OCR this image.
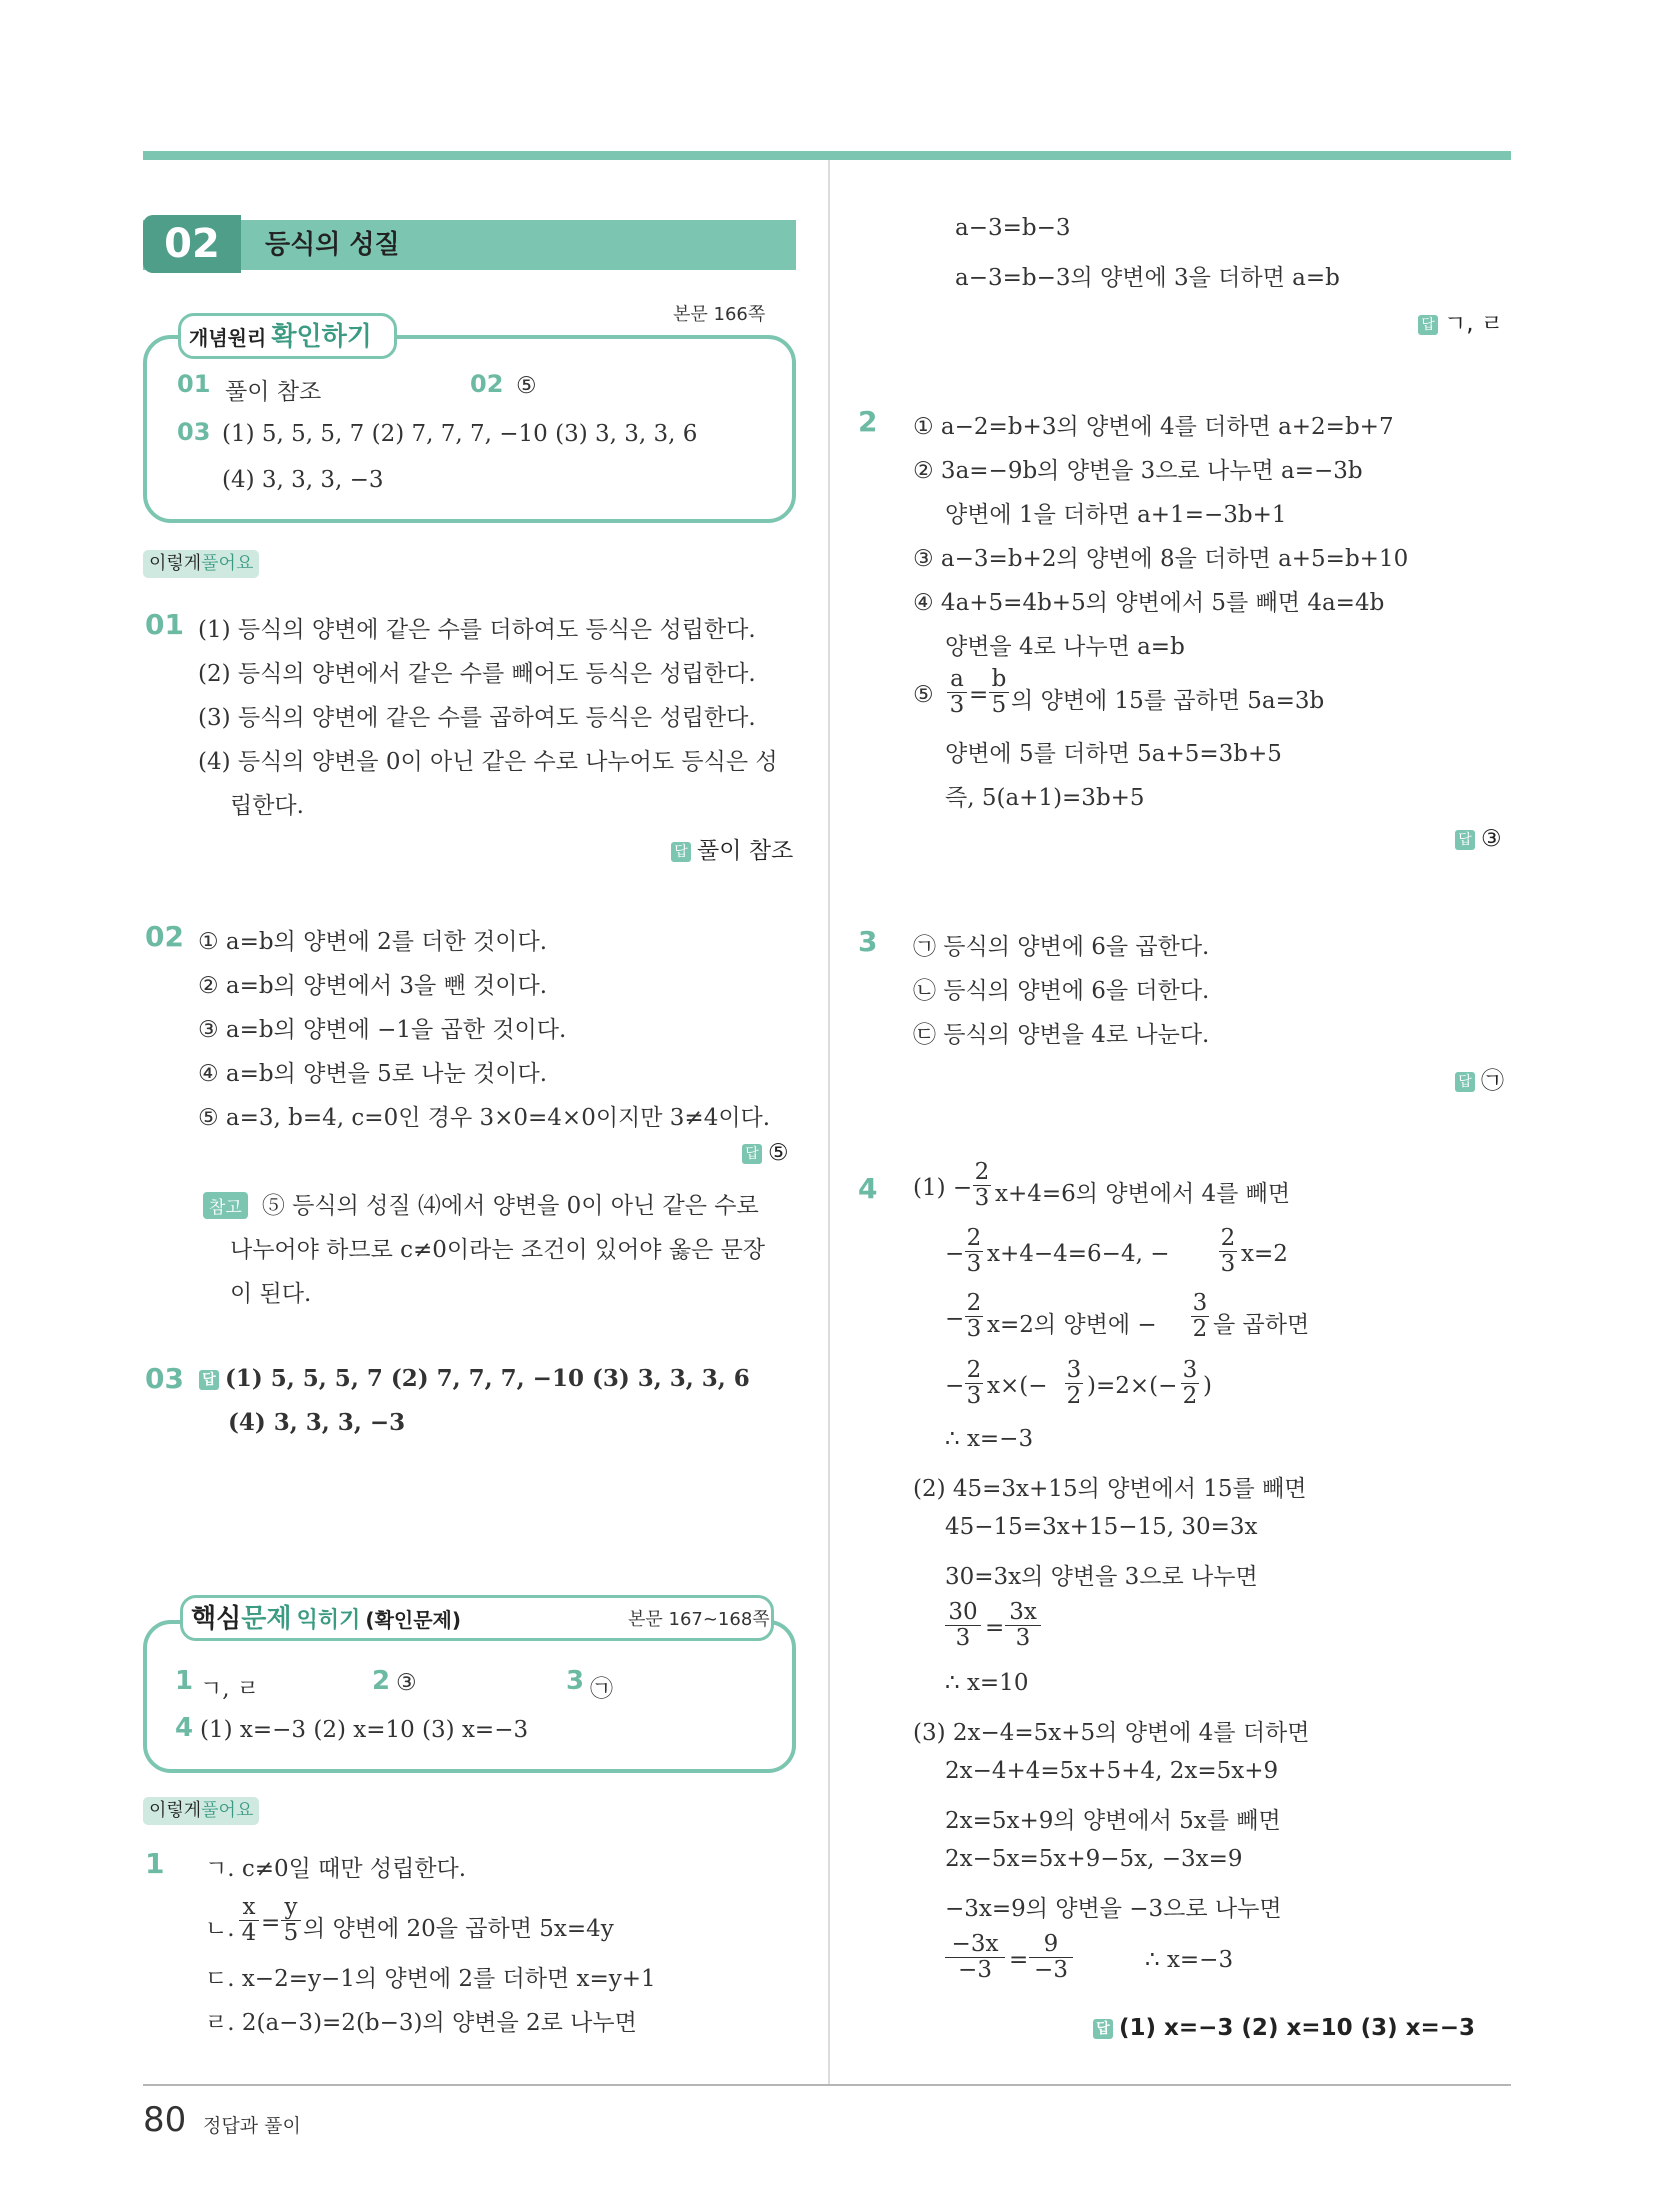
02	등식의 성질
개념원리 확인하기
본문 166쪽
01 풀이 참조	02 ⑤
03 (1) 5, 5, 5, 7 (2) 7, 7, 7, −10 (3) 3, 3, 3, 6
(4) 3, 3, 3, −3
이렇게풀어요
01 (1) 등식의 양변에 같은 수를 더하여도 등식은 성립한다.
(2) 등식의 양변에서 같은 수를 빼어도 등식은 성립한다.
(3) 등식의 양변에 같은 수를 곱하여도 등식은 성립한다.
(4) 등식의 양변을 0이 아닌 같은 수로 나누어도 등식은 성
립한다.
답 풀이 참조
02 ① a=b의 양변에 2를 더한 것이다.
② a=b의 양변에서 3을 뺀 것이다.
③ a=b의 양변에 −1을 곱한 것이다.
④ a=b의 양변을 5로 나눈 것이다.
⑤ a=3, b=4, c=0인 경우 3×0=4×0이지만 3≠4이다.
답 ⑤
참고 ⑤ 등식의 성질 ⑷에서 양변을 0이 아닌 같은 수로
나누어야 하므로 c≠0이라는 조건이 있어야 옳은 문장
이 된다.
03 답 (1) 5, 5, 5, 7 (2) 7, 7, 7, −10 (3) 3, 3, 3, 6
(4) 3, 3, 3, −3
핵심문제 익히기 (확인문제)	본문 167~168쪽
1 ㄱ, ㄹ	2 ③	3 ㉠
4 (1) x=−3 (2) x=10 (3) x=−3
이렇게풀어요
1 ㄱ. c≠0일 때만 성립한다.
ㄴ. $\frac{x}{4} = \frac{y}{5}$ 의 양변에 20을 곱하면 5x=4y
ㄷ. x−2=y−1의 양변에 2를 더하면 x=y+1
ㄹ. 2(a−3)=2(b−3)의 양변을 2로 나누면
a−3=b−3
a−3=b−3의 양변에 3을 더하면 a=b
답 ㄱ, ㄹ
2 ① a−2=b+3의 양변에 4를 더하면 a+2=b+7
② 3a=−9b의 양변을 3으로 나누면 a=−3b
양변에 1을 더하면 a+1=−3b+1
③ a−3=b+2의 양변에 8을 더하면 a+5=b+10
④ 4a+5=4b+5의 양변에서 5를 빼면 4a=4b
양변을 4로 나누면 a=b
⑤ $\frac{a}{3} = \frac{b}{5}$ 의 양변에 15를 곱하면 5a=3b
양변에 5를 더하면 5a+5=3b+5
즉, 5(a+1)=3b+5
답 ③
3 ㉠ 등식의 양변에 6을 곱한다.
㉡ 등식의 양변에 6을 더한다.
㉢ 등식의 양변을 4로 나눈다.
답 ㉠
4 $(1) - \frac{2}{3} x+4=6$의 양변에서 4를 빼면
− $\frac{2}{3} x+4-4=6-4$, − $\frac{2}{3} x=2$
− $\frac{2}{3} x=2$의 양변에 − $\frac{3}{2}$ 을 곱하면
− $\frac{2}{3} x\times(- \frac{3}{2} )=2\times(- \frac{3}{2}$ )
∴ x=−3
(2) 45=3x+15의 양변에서 15를 빼면
45−15=3x+15−15, 30=3x
30=3x의 양변을 3으로 나누면
$\frac{30}{3} = \frac{3x}{3}$
∴ x=10
(3) 2x−4=5x+5의 양변에 4를 더하면
2x−4+4=5x+5+4, 2x=5x+9
2x=5x+9의 양변에서 5x를 빼면
2x−5x=5x+9−5x, −3x=9
−3x=9의 양변을 −3으로 나누면
$\frac{-3x}{-3} = \frac{9}{-3}$	∴ x=−3
답 (1) x=−3 (2) x=10 (3) x=−3
80 정답과 풀이
